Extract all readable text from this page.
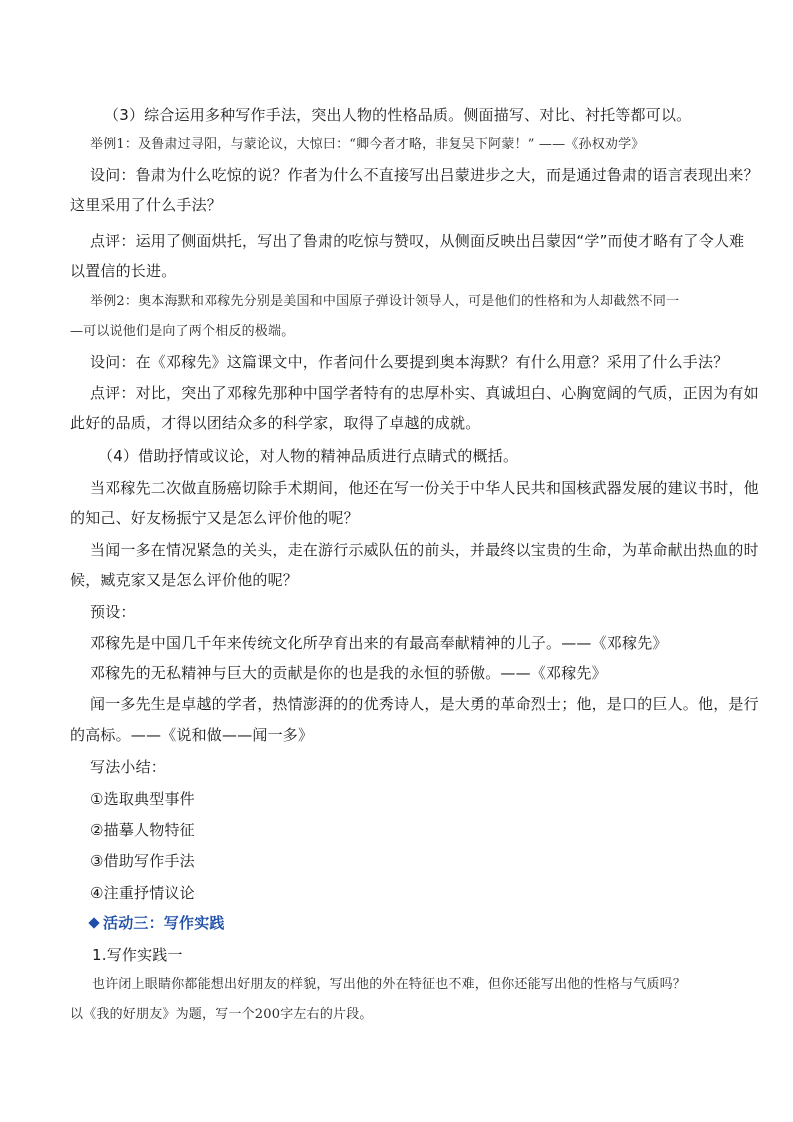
（3）综合运用多种写作手法，突出人物的性格品质。侧面描写、对比、衬托等都可以。
举例1：及鲁肃过寻阳，与蒙论议，大惊曰：“卿今者才略，非复吴下阿蒙！” ——《孙权劝学》
设问：鲁肃为什么吃惊的说？作者为什么不直接写出吕蒙进步之大，而是通过鲁肃的语言表现出来？
这里采用了什么手法？
点评：运用了侧面烘托，写出了鲁肃的吃惊与赞叹，从侧面反映出吕蒙因“学”而使才略有了令人难
以置信的长进。
举例2：奥本海默和邓稼先分别是美国和中国原子弹设计领导人，可是他们的性格和为人却截然不同一
—可以说他们是向了两个相反的极端。
设问：在《邓稼先》这篇课文中，作者问什么要提到奥本海默？有什么用意？采用了什么手法？
点评：对比，突出了邓稼先那种中国学者特有的忠厚朴实、真诚坦白、心胸宽阔的气质，正因为有如
此好的品质，才得以团结众多的科学家，取得了卓越的成就。
（4）借助抒情或议论，对人物的精神品质进行点睛式的概括。
当邓稼先二次做直肠癌切除手术期间，他还在写一份关于中华人民共和国核武器发展的建议书时，他
的知己、好友杨振宁又是怎么评价他的呢？
当闻一多在情况紧急的关头，走在游行示威队伍的前头，并最终以宝贵的生命，为革命献出热血的时
候，臧克家又是怎么评价他的呢？
预设：
邓稼先是中国几千年来传统文化所孕育出来的有最高奉献精神的儿子。——《邓稼先》
邓稼先的无私精神与巨大的贡献是你的也是我的永恒的骄傲。——《邓稼先》
闻一多先生是卓越的学者，热情澎湃的的优秀诗人，是大勇的革命烈士；他，是口的巨人。他，是行
的高标。——《说和做——闻一多》
写法小结：
①选取典型事件
②描摹人物特征
③借助写作手法
④注重抒情议论
活动三：写作实践
1.写作实践一
也许闭上眼睛你都能想出好朋友的样貌，写出他的外在特征也不难，但你还能写出他的性格与气质吗？
以《我的好朋友》为题，写一个200字左右的片段。
